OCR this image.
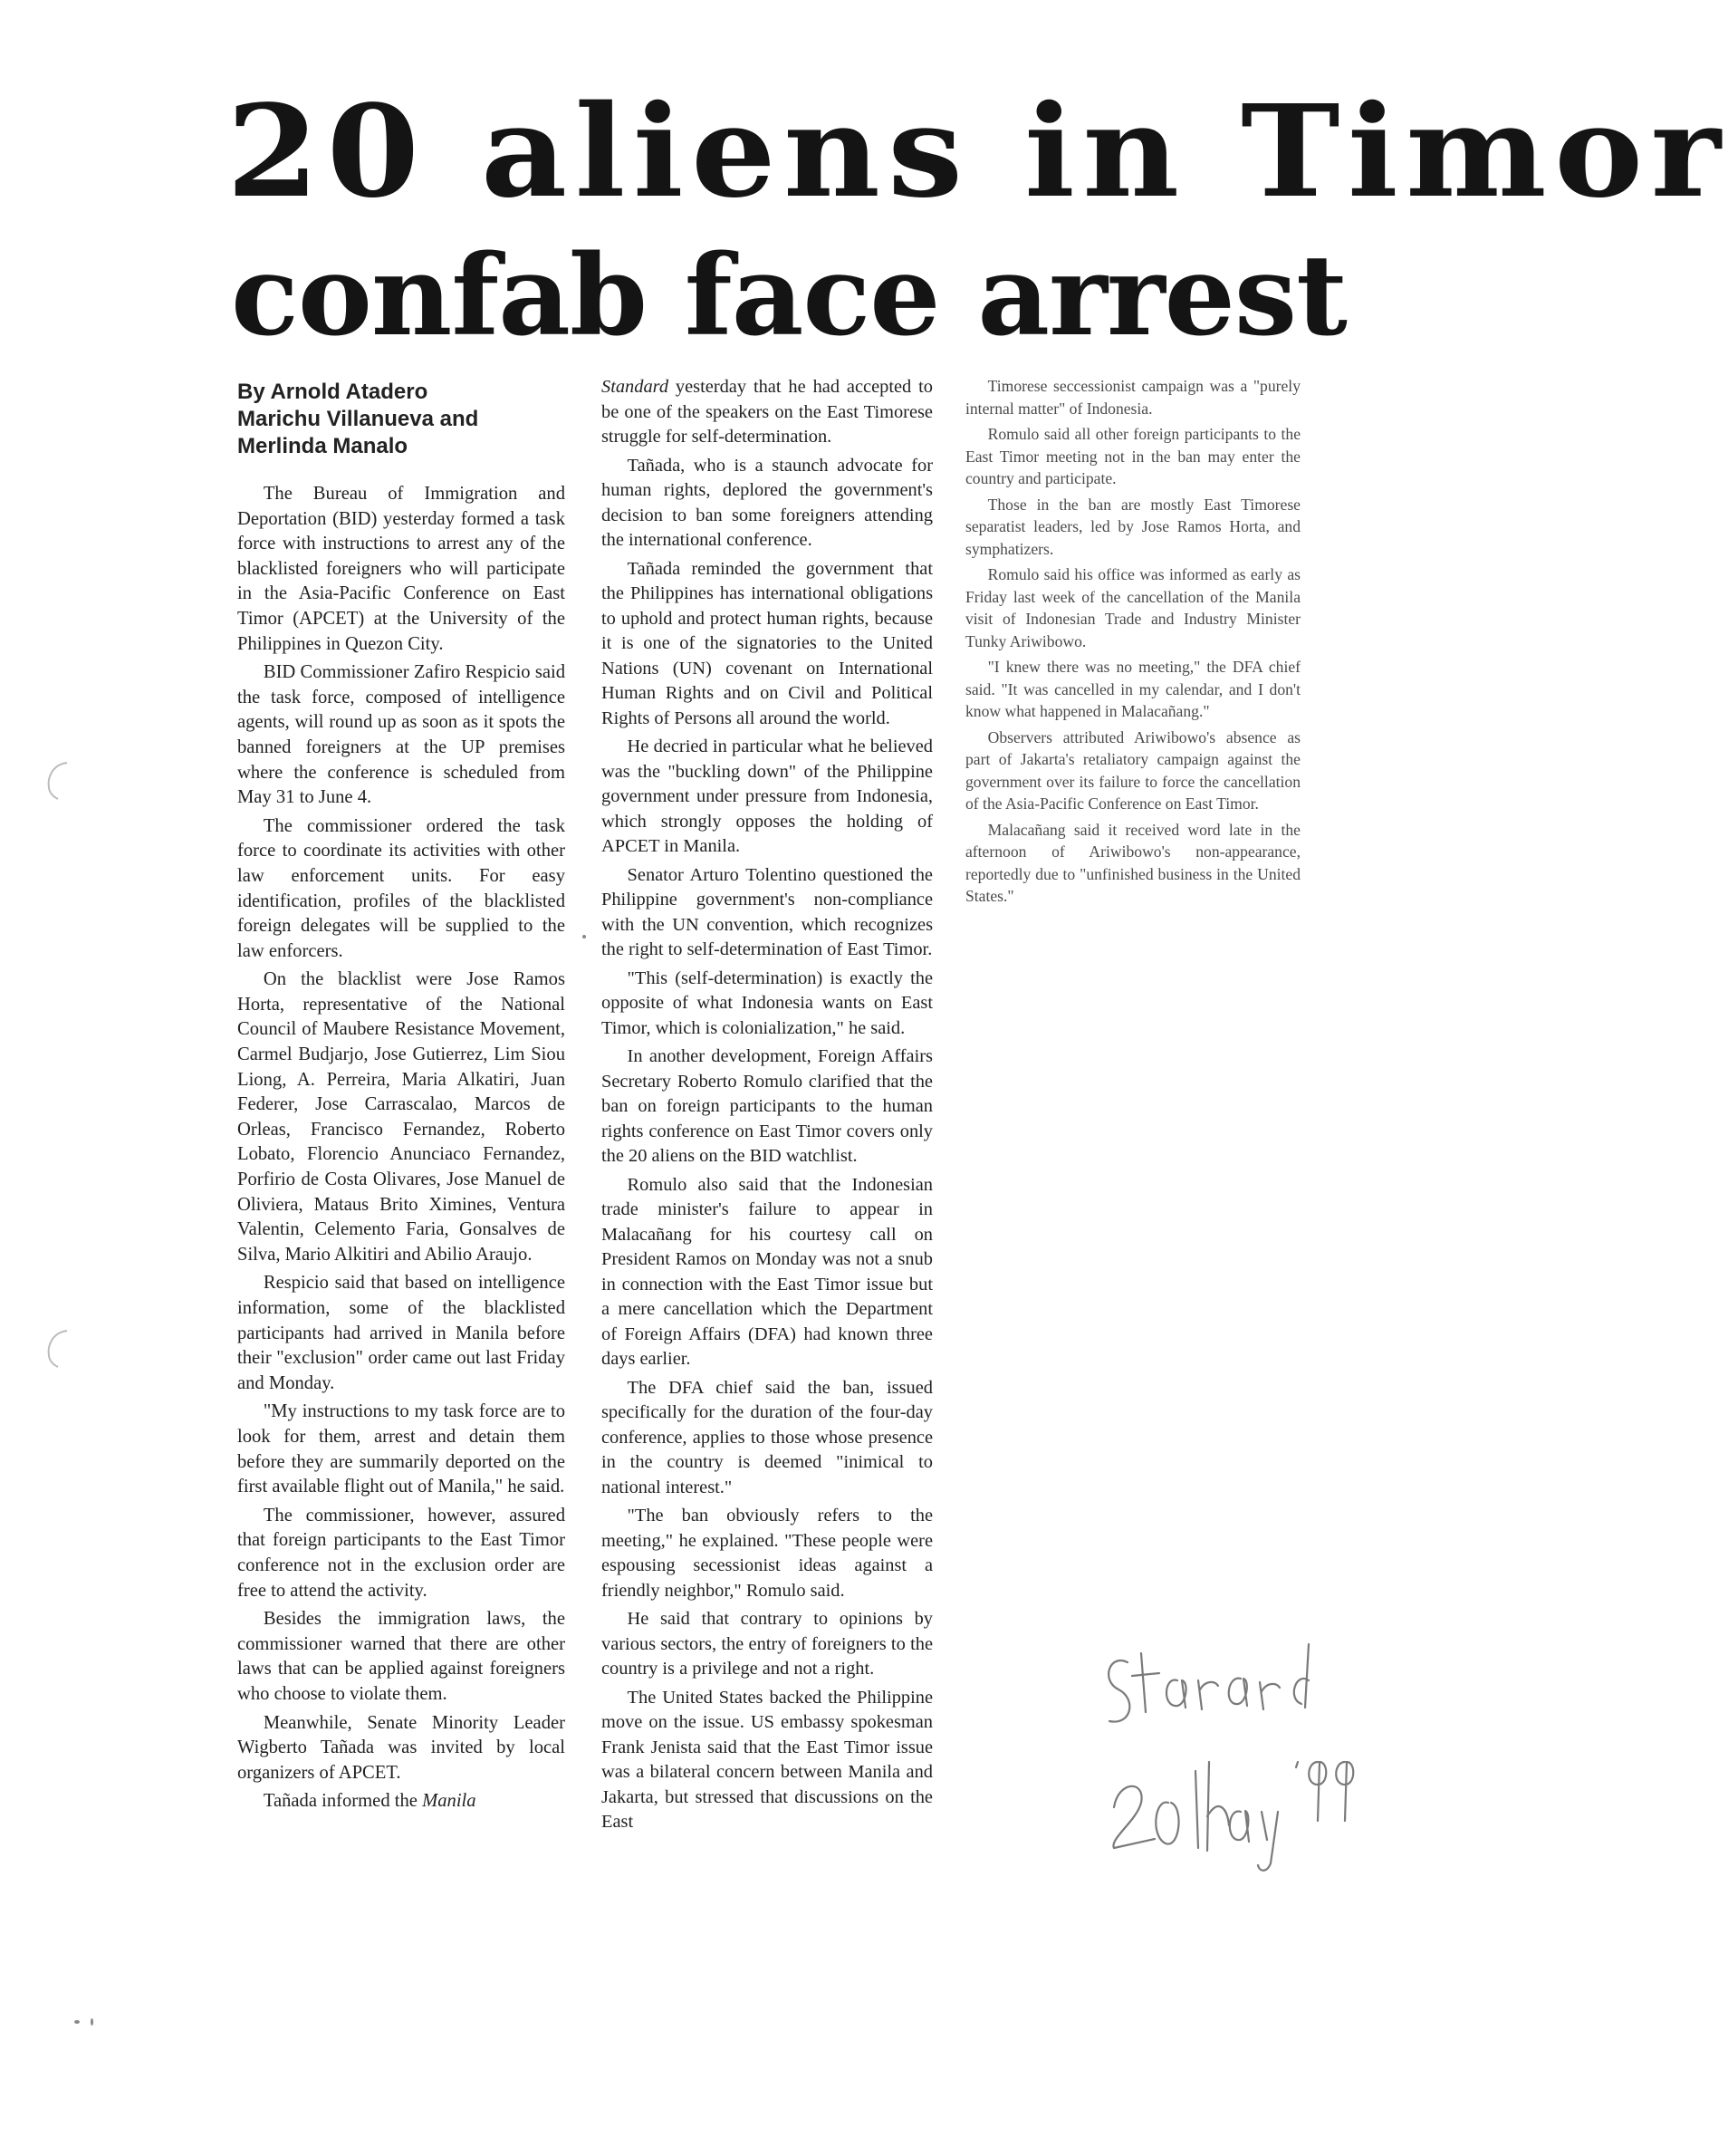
20 aliens in Timor
confab face arrest
By Arnold Atadero
Marichu Villanueva and
Merlinda Manalo

The Bureau of Immigration and Deportation (BID) yesterday formed a task force with instructions to arrest any of the blacklisted foreigners who will participate in the Asia-Pacific Conference on East Timor (APCET) at the University of the Philippines in Quezon City.

BID Commissioner Zafiro Respicio said the task force, composed of intelligence agents, will round up as soon as it spots the banned foreigners at the UP premises where the conference is scheduled from May 31 to June 4.

The commissioner ordered the task force to coordinate its activities with other law enforcement units. For easy identification, profiles of the blacklisted foreign delegates will be supplied to the law enforcers.

On the blacklist were Jose Ramos Horta, representative of the National Council of Maubere Resistance Movement, Carmel Budjarjo, Jose Gutierrez, Lim Siou Liong, A. Perreira, Maria Alkatiri, Juan Federer, Jose Carrascalao, Marcos de Orleas, Francisco Fernandez, Roberto Lobato, Florencio Anunciaco Fernandez, Porfirio de Costa Olivares, Jose Manuel de Oliviera, Mataus Brito Ximines, Ventura Valentin, Celemento Faria, Gonsalves de Silva, Mario Alkitiri and Abilio Araujo.

Respicio said that based on intelligence information, some of the blacklisted participants had arrived in Manila before their "exclusion" order came out last Friday and Monday.

"My instructions to my task force are to look for them, arrest and detain them before they are summarily deported on the first available flight out of Manila," he said.

The commissioner, however, assured that foreign participants to the East Timor conference not in the exclusion order are free to attend the activity.

Besides the immigration laws, the commissioner warned that there are other laws that can be applied against foreigners who choose to violate them.

Meanwhile, Senate Minority Leader Wigberto Tañada was invited by local organizers of APCET.

Tañada informed the Manila

Standard yesterday that he had accepted to be one of the speakers on the East Timorese struggle for self-determination.

Tañada, who is a staunch advocate for human rights, deplored the government's decision to ban some foreigners attending the international conference.

Tañada reminded the government that the Philippines has international obligations to uphold and protect human rights, because it is one of the signatories to the United Nations (UN) covenant on International Human Rights and on Civil and Political Rights of Persons all around the world.

He decried in particular what he believed was the "buckling down" of the Philippine government under pressure from Indonesia, which strongly opposes the holding of APCET in Manila.

Senator Arturo Tolentino questioned the Philippine government's non-compliance with the UN convention, which recognizes the right to self-determination of East Timor.

"This (self-determination) is exactly the opposite of what Indonesia wants on East Timor, which is colonialization," he said.

In another development, Foreign Affairs Secretary Roberto Romulo clarified that the ban on foreign participants to the human rights conference on East Timor covers only the 20 aliens on the BID watchlist.

Romulo also said that the Indonesian trade minister's failure to appear in Malacañang for his courtesy call on President Ramos on Monday was not a snub in connection with the East Timor issue but a mere cancellation which the Department of Foreign Affairs (DFA) had known three days earlier.

The DFA chief said the ban, issued specifically for the duration of the four-day conference, applies to those whose presence in the country is deemed "inimical to national interest."

"The ban obviously refers to the meeting," he explained. "These people were espousing secessionist ideas against a friendly neighbor," Romulo said.

He said that contrary to opinions by various sectors, the entry of foreigners to the country is a privilege and not a right.

The United States backed the Philippine move on the issue. US embassy spokesman Frank Jenista said that the East Timor issue was a bilateral concern between Manila and Jakarta, but stressed that discussions on the East

Timorese seccessionist campaign was a "purely internal matter" of Indonesia.

Romulo said all other foreign participants to the East Timor meeting not in the ban may enter the country and participate.

Those in the ban are mostly East Timorese separatist leaders, led by Jose Ramos Horta, and symphatizers.

Romulo said his office was informed as early as Friday last week of the cancellation of the Manila visit of Indonesian Trade and Industry Minister Tunky Ariwibowo.

"I knew there was no meeting," the DFA chief said. "It was cancelled in my calendar, and I don't know what happened in Malacañang."

Observers attributed Ariwibowo's absence as part of Jakarta's retaliatory campaign against the government over its failure to force the cancellation of the Asia-Pacific Conference on East Timor.

Malacañang said it received word late in the afternoon of Ariwibowo's non-appearance, reportedly due to "unfinished business in the United States."
